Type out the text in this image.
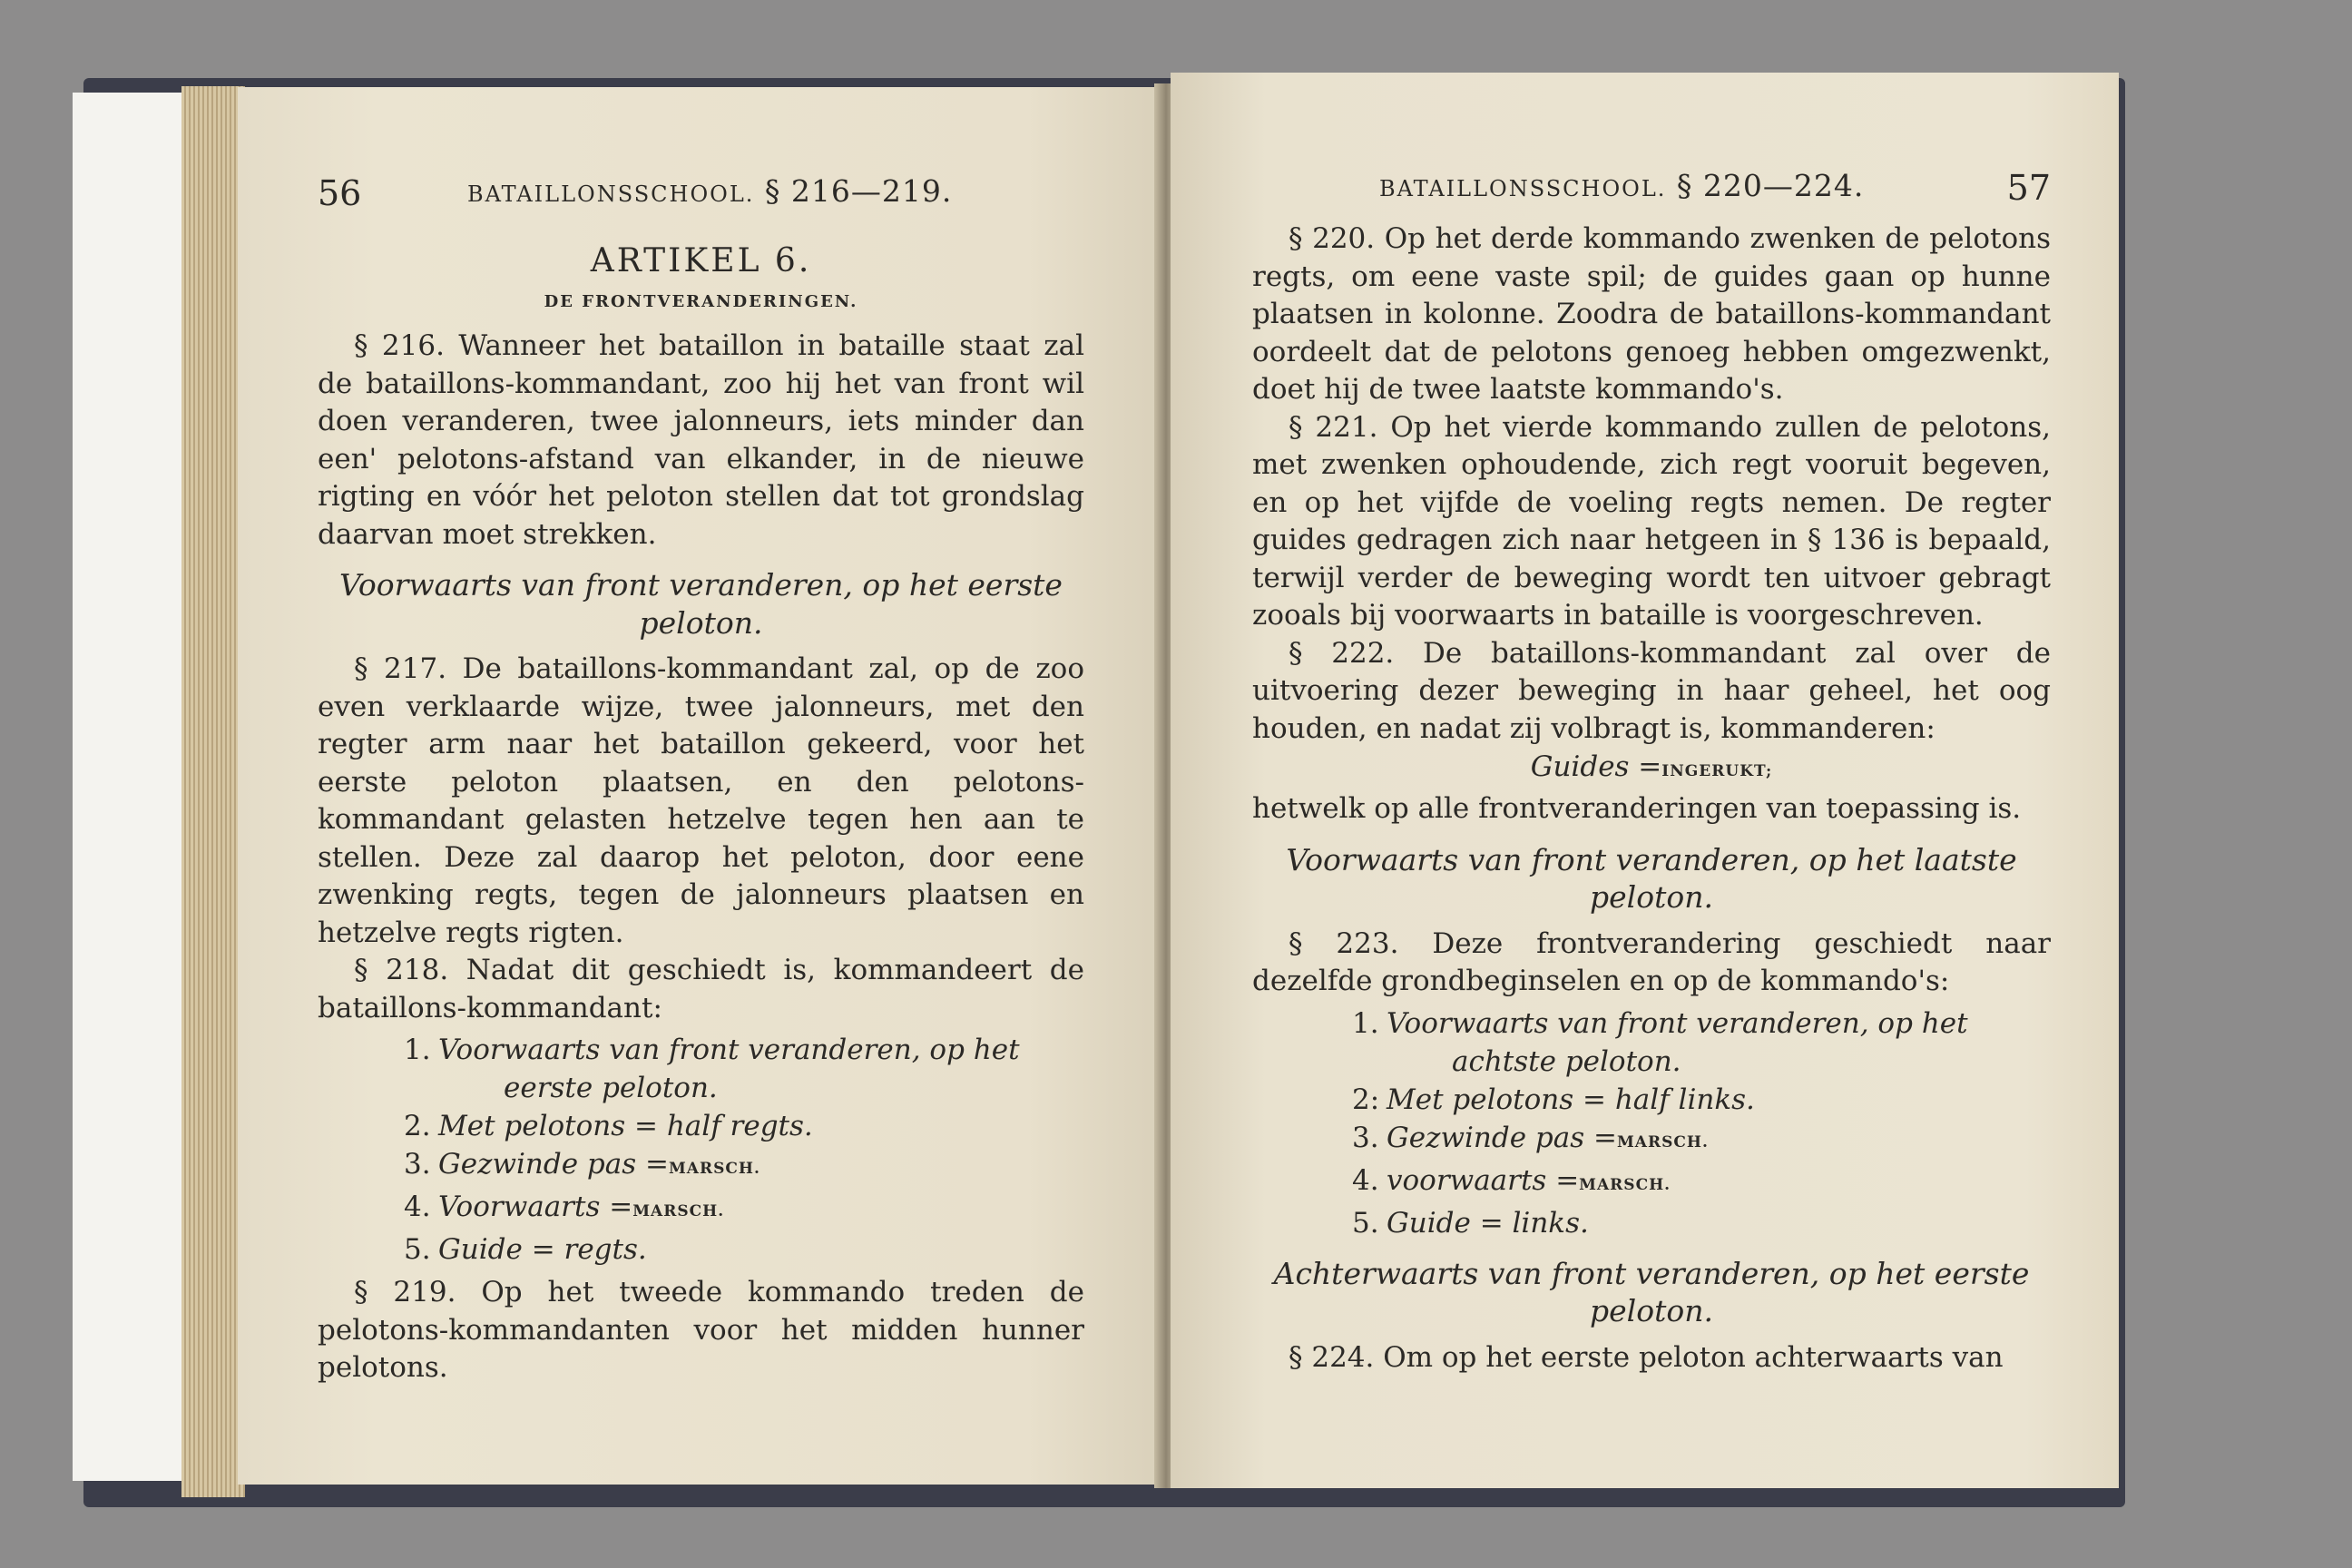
56	BATAILLONSSCHOOL. § 216—219.
ARTIKEL 6.
DE FRONTVERANDERINGEN.

§ 216. Wanneer het bataillon in bataille staat zal de bataillons-kommandant, zoo hij het van front wil doen veranderen, twee jalonneurs, iets minder dan een' pelotons-afstand van elkander, in de nieuwe rigting en vóór het peloton stellen dat tot grondslag daarvan moet strekken.

Voorwaarts van front veranderen, op het eerste peloton.

§ 217. De bataillons-kommandant zal, op de zoo even verklaarde wijze, twee jalonneurs, met den regter arm naar het bataillon gekeerd, voor het eerste peloton plaatsen, en den pelotons-kommandant gelasten hetzelve tegen hen aan te stellen. Deze zal daarop het peloton, door eene zwenking regts, tegen de jalonneurs plaatsen en hetzelve regts rigten.

§ 218. Nadat dit geschiedt is, kommandeert de bataillons-kommandant:

1. Voorwaarts van front veranderen, op het
eerste peloton.
2. Met pelotons = half regts.
3. Gezwinde pas =MARSCH.
4. Voorwaarts =MARSCH.
5. Guide = regts.

§ 219. Op het tweede kommando treden de pelotons-kommandanten voor het midden hunner pelotons.

BATAILLONSSCHOOL. § 220—224.	57

§ 220. Op het derde kommando zwenken de pelotons regts, om eene vaste spil; de guides gaan op hunne plaatsen in kolonne. Zoodra de bataillons-kommandant oordeelt dat de pelotons genoeg hebben omgezwenkt, doet hij de twee laatste kommando's.

§ 221. Op het vierde kommando zullen de pelotons, met zwenken ophoudende, zich regt vooruit begeven, en op het vijfde de voeling regts nemen. De regter guides gedragen zich naar hetgeen in § 136 is bepaald, terwijl verder de beweging wordt ten uitvoer gebragt zooals bij voorwaarts in bataille is voorgeschreven.

§ 222. De bataillons-kommandant zal over de uitvoering dezer beweging in haar geheel, het oog houden, en nadat zij volbragt is, kommanderen:

Guides =INGERUKT;

hetwelk op alle frontveranderingen van toepassing is.

Voorwaarts van front veranderen, op het laatste peloton.

§ 223. Deze frontverandering geschiedt naar dezelfde grondbeginselen en op de kommando's:

1. Voorwaarts van front veranderen, op het
achtste peloton.
2: Met pelotons = half links.
3. Gezwinde pas =MARSCH.
4. voorwaarts =MARSCH.
5. Guide = links.
Achterwaarts van front veranderen, op het eerste peloton.

§ 224. Om op het eerste peloton achterwaarts van
